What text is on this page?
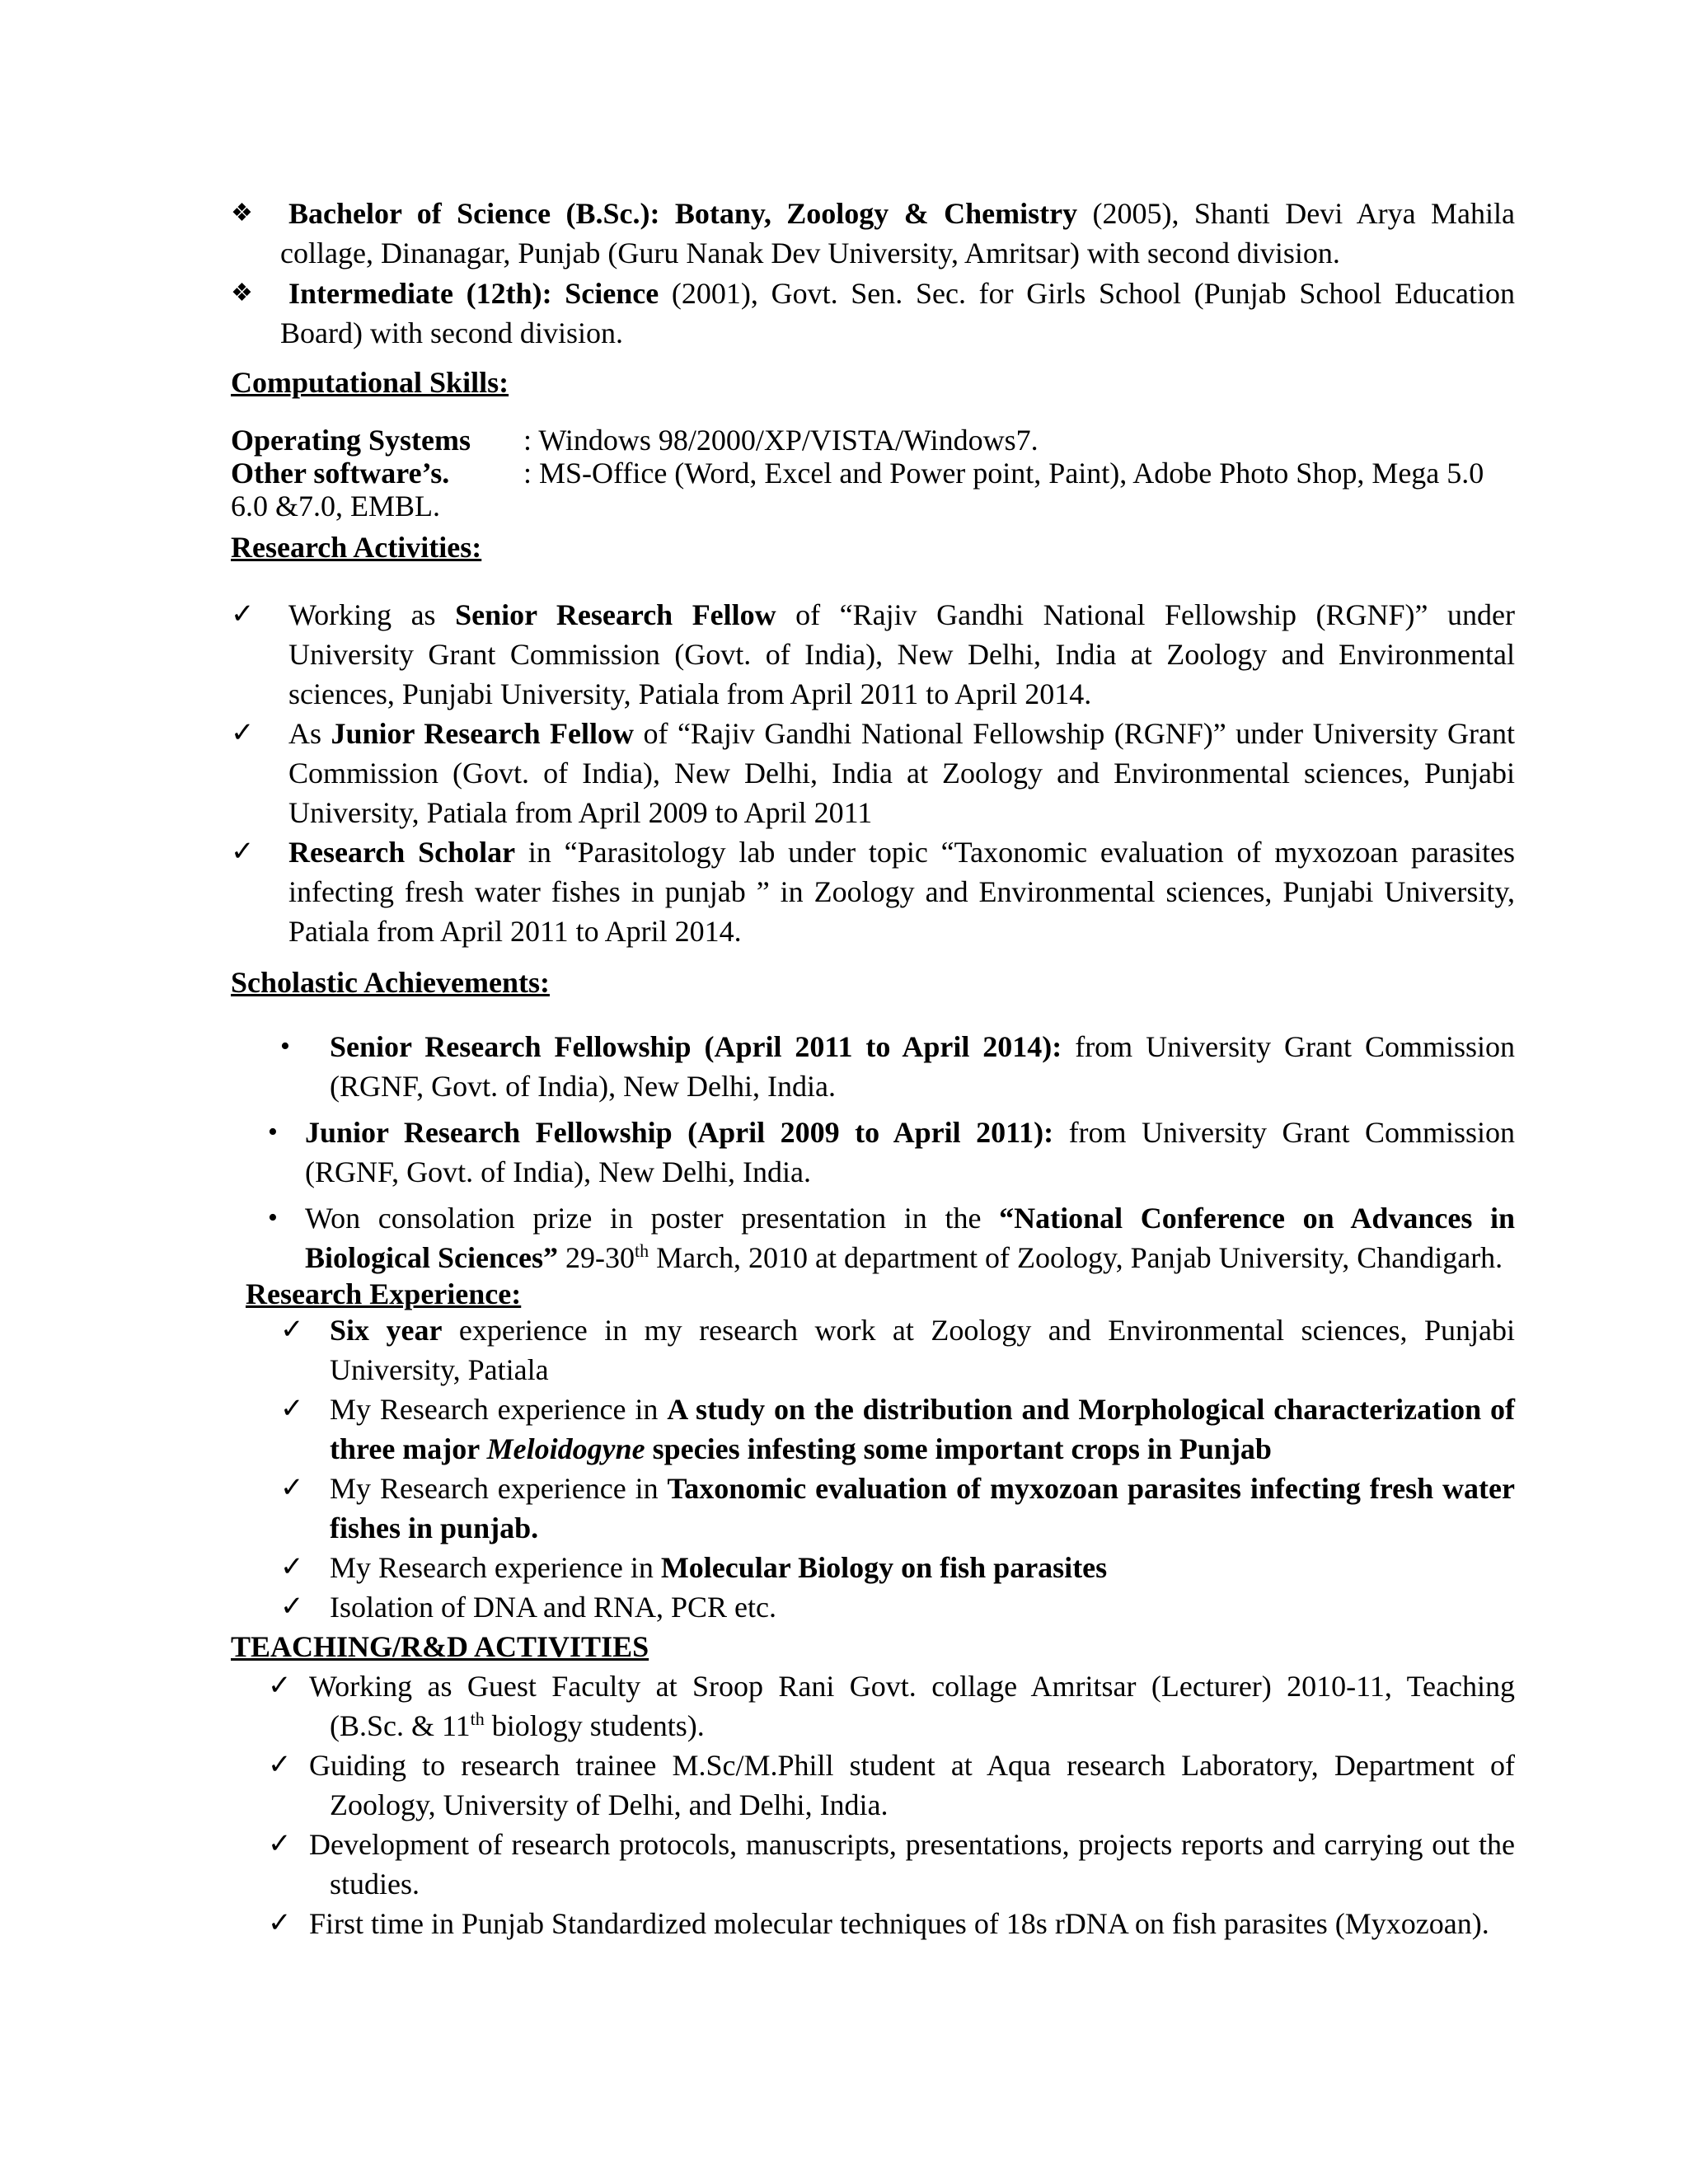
❖ Bachelor of Science (B.Sc.): Botany, Zoology & Chemistry (2005), Shanti Devi Arya Mahila
collage, Dinanagar, Punjab (Guru Nanak Dev University, Amritsar) with second division.
❖ Intermediate (12th): Science (2001), Govt. Sen. Sec. for Girls School (Punjab School Education
Board) with second division.
Computational Skills:
Operating Systems : Windows 98/2000/XP/VISTA/Windows7.
Other software’s. : MS-Office (Word, Excel and Power point, Paint), Adobe Photo Shop, Mega 5.0
6.0 &7.0, EMBL.
Research Activities:
✓ Working as Senior Research Fellow of “Rajiv Gandhi National Fellowship (RGNF)” under University Grant Commission (Govt. of India), New Delhi, India at Zoology and Environmental sciences, Punjabi University, Patiala from April 2011 to April 2014.
✓ As Junior Research Fellow of “Rajiv Gandhi National Fellowship (RGNF)” under University Grant Commission (Govt. of India), New Delhi, India at Zoology and Environmental sciences, Punjabi University, Patiala from April 2009 to April 2011
✓ Research Scholar in “Parasitology lab under topic “Taxonomic evaluation of myxozoan parasites infecting fresh water fishes in punjab ” in Zoology and Environmental sciences, Punjabi University, Patiala from April 2011 to April 2014.
Scholastic Achievements:
• Senior Research Fellowship (April 2011 to April 2014): from University Grant Commission (RGNF, Govt. of India), New Delhi, India.
• Junior Research Fellowship (April 2009 to April 2011): from University Grant Commission (RGNF, Govt. of India), New Delhi, India.
• Won consolation prize in poster presentation in the “National Conference on Advances in Biological Sciences” 29-30th March, 2010 at department of Zoology, Panjab University, Chandigarh.
Research Experience:
✓ Six year experience in my research work at Zoology and Environmental sciences, Punjabi University, Patiala
✓ My Research experience in A study on the distribution and Morphological characterization of three major Meloidogyne species infesting some important crops in Punjab
✓ My Research experience in Taxonomic evaluation of myxozoan parasites infecting fresh water fishes in punjab.
✓ My Research experience in Molecular Biology on fish parasites
✓ Isolation of DNA and RNA, PCR etc.
TEACHING/R&D ACTIVITIES
✓ Working as Guest Faculty at Sroop Rani Govt. collage Amritsar (Lecturer) 2010-11, Teaching
(B.Sc. & 11th biology students).
✓ Guiding to research trainee M.Sc/M.Phill student at Aqua research Laboratory, Department of
Zoology, University of Delhi, and Delhi, India.
✓ Development of research protocols, manuscripts, presentations, projects reports and carrying out the
studies.
✓ First time in Punjab Standardized molecular techniques of 18s rDNA on fish parasites (Myxozoan).
